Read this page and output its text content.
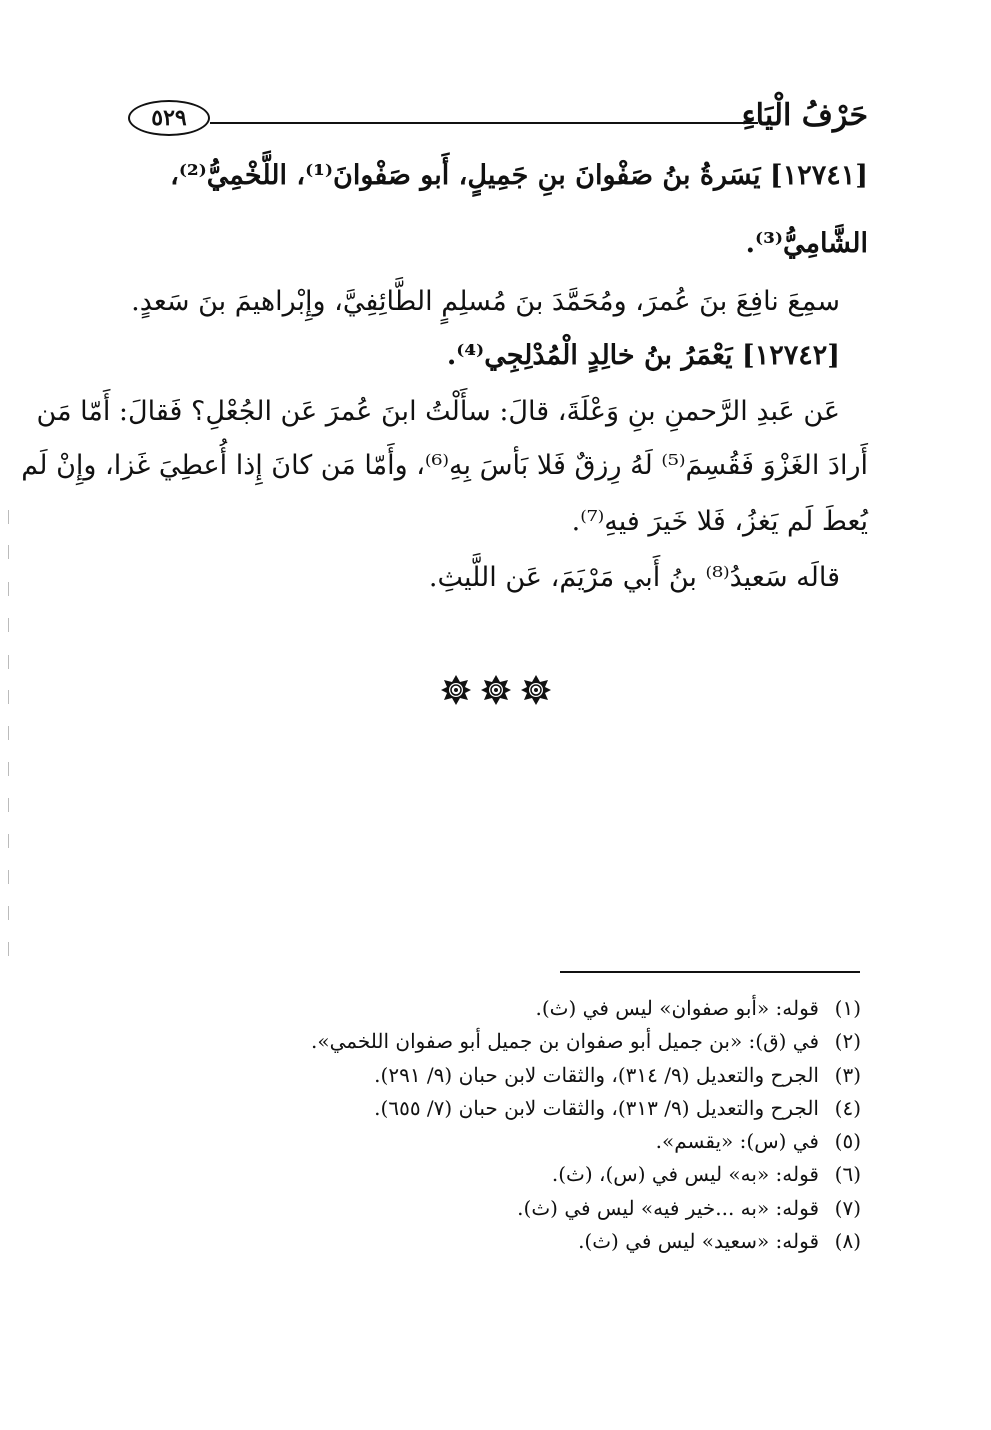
٥٢٩	حَرْفُ الْيَاءِ
[١٢٧٤١] يَسَرةُ بنُ صَفْوانَ بنِ جَمِيلٍ، أَبو صَفْوانَ⁽¹⁾، اللَّخْمِيُّ⁽²⁾،
الشَّامِيُّ⁽³⁾.
سمِعَ نافِعَ بنَ عُمرَ، ومُحَمَّدَ بنَ مُسلِمٍ الطَّائِفِيَّ، وإِبْراهيمَ بنَ سَعدٍ.
[١٢٧٤٢] يَعْمَرُ بنُ خالِدٍ الْمُدْلِجِي⁽⁴⁾.
عَن عَبدِ الرَّحمنِ بنِ وَعْلَةَ، قالَ: سأَلْتُ ابنَ عُمرَ عَن الجُعْلِ؟ فَقالَ: أَمّا مَن
أَرادَ الغَزْوَ فَقُسِمَ⁽⁵⁾ لَهُ رِزقٌ فَلا بَأسَ بِهِ⁽⁶⁾، وأَمّا مَن كانَ إِذا أُعطِيَ غَزا، وإِنْ لَم
يُعطَ لَم يَغزُ، فَلا خَيرَ فيهِ⁽⁷⁾.
قالَه سَعيدُ⁽⁸⁾ بنُ أَبي مَرْيَمَ، عَن اللَّيثِ.
(١)
قوله: «أبو صفوان» ليس في (ث).
(٢)
في (ق): «بن جميل أبو صفوان بن جميل أبو صفوان اللخمي».
(٣)
الجرح والتعديل (٩/ ٣١٤)، والثقات لابن حبان (٩/ ٢٩١).
(٤)
الجرح والتعديل (٩/ ٣١٣)، والثقات لابن حبان (٧/ ٦٥٥).
(٥)
في (س): «يقسم».
(٦)
قوله: «به» ليس في (س)، (ث).
(٧)
قوله: «به ...خير فيه» ليس في (ث).
(٨)
قوله: «سعيد» ليس في (ث).
